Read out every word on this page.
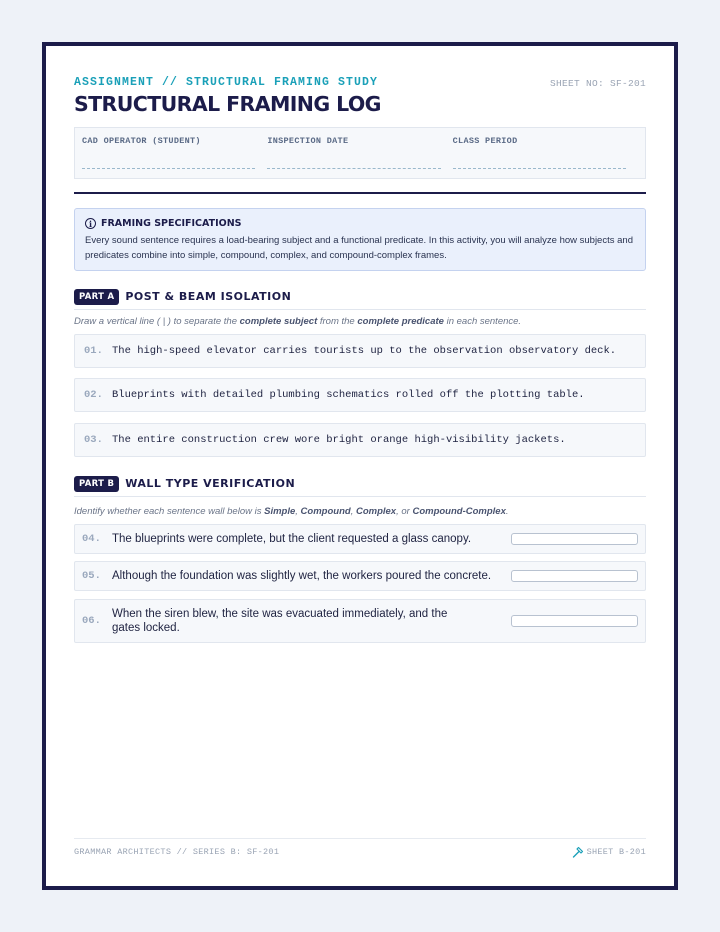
ASSIGNMENT // STRUCTURAL FRAMING STUDY	SHEET NO: SF-201
STRUCTURAL FRAMING LOG
CAD OPERATOR (STUDENT)	INSPECTION DATE	CLASS PERIOD
i FRAMING SPECIFICATIONS
Every sound sentence requires a load-bearing subject and a functional predicate. In this activity, you will analyze how subjects and predicates combine into simple, compound, complex, and compound-complex frames.
PART A	POST & BEAM ISOLATION
Draw a vertical line ( | ) to separate the complete subject from the complete predicate in each sentence.
01. The high-speed elevator carries tourists up to the observation observatory deck.
02. Blueprints with detailed plumbing schematics rolled off the plotting table.
03. The entire construction crew wore bright orange high-visibility jackets.
PART B	WALL TYPE VERIFICATION
Identify whether each sentence wall below is Simple, Compound, Complex, or Compound-Complex.
04. The blueprints were complete, but the client requested a glass canopy.
05. Although the foundation was slightly wet, the workers poured the concrete.
06.
When the siren blew, the site was evacuated immediately, and the gates locked.
GRAMMAR ARCHITECTS // SERIES B: SF-201	SHEET B-201
